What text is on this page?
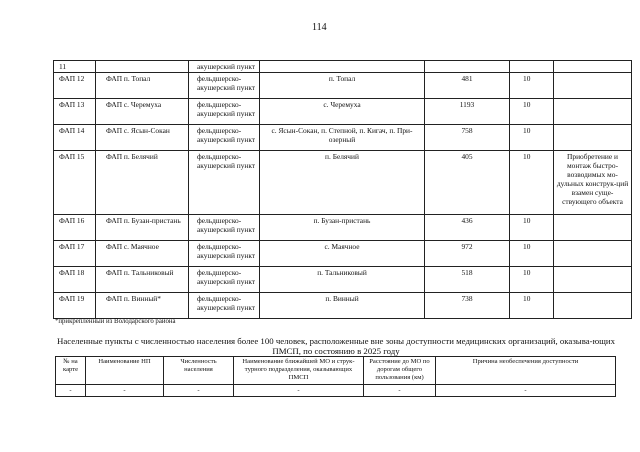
114
11		акушерский пункт				
ФАП 12	ФАП п. Топал	фельдшерско-акушерский пункт	п. Топал	481	10	
ФАП 13	ФАП с. Черемуха	фельдшерско-акушерский пункт	с. Черемуха	1193	10	
ФАП 14	ФАП с. Ясын-Сокан	фельдшерско-акушерский пункт	с. Ясын-Сокан, п. Степной, п. Кигач, п. При-озерный	758	10	
ФАП 15	ФАП п. Белячий	фельдшерско-акушерский пункт	п. Белячий	405	10	Приобретение и монтаж быстро-возводимых мо-дульных конструк-ций взамен суще-ствующего объекта
ФАП 16	ФАП п. Бузан-пристань	фельдшерско-акушерский пункт	п. Бузан-пристань	436	10	
ФАП 17	ФАП с. Маячное	фельдшерско-акушерский пункт	с. Маячное	972	10	
ФАП 18	ФАП п. Тальниковый	фельдшерско-акушерский пункт	п. Тальниковый	518	10	
ФАП 19	ФАП п. Винный*	фельдшерско-акушерский пункт	п. Винный	738	10	
*прикрепленный из Володарского района
Населенные пункты с численностью населения более 100 человек, расположенные вне зоны доступности медицинских организаций, оказыва-ющих ПМСП, по состоянию в 2025 году
№ на карте	Наименование НП	Численность населения	Наименование ближайшей МО и струк-турного подразделения, оказывающих ПМСП	Расстояние до МО по дорогам общего пользования (км)	Причина необеспечения доступности
-	-	-	-	-	-
